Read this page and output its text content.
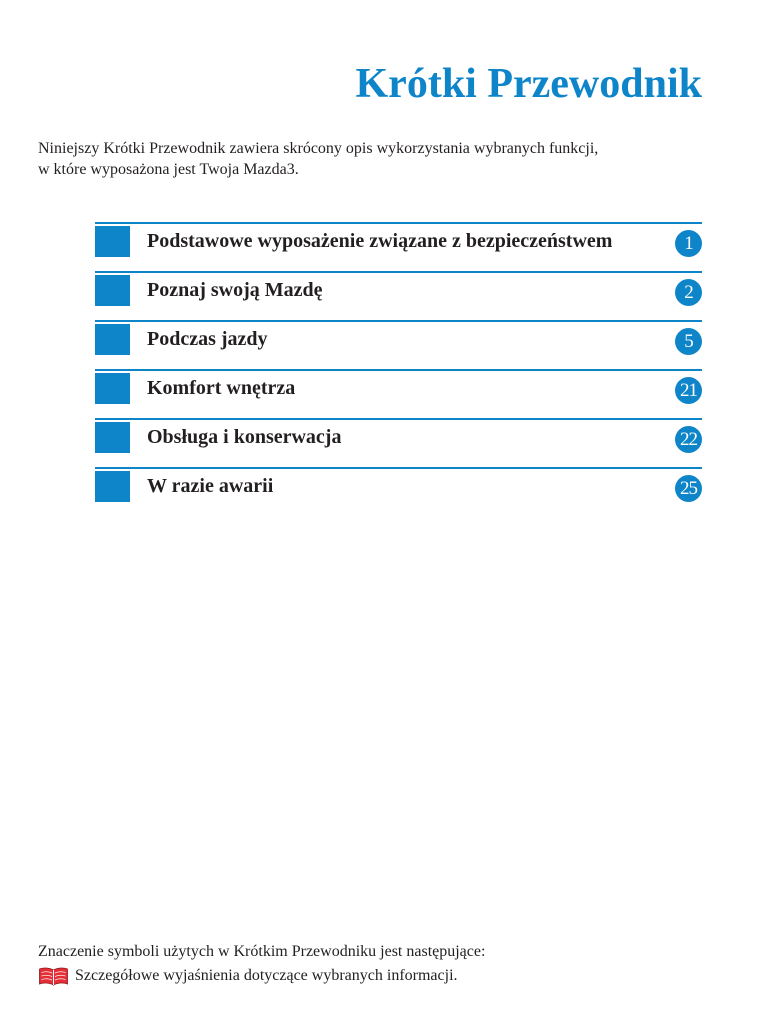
Krótki Przewodnik

Niniejszy Krótki Przewodnik zawiera skrócony opis wykorzystania wybranych funkcji,

w które wyposażona jest Twoja Mazda3.

Podstawowe wyposażenie związane z bezpieczeństwem	1
Poznaj swoją Mazdę	2
Podczas jazdy	5
Komfort wnętrza	21
Obsługa i konserwacja	22
W razie awarii	25

Znaczenie symboli użytych w Krótkim Przewodniku jest następujące:

Szczegółowe wyjaśnienia dotyczące wybranych informacji.
